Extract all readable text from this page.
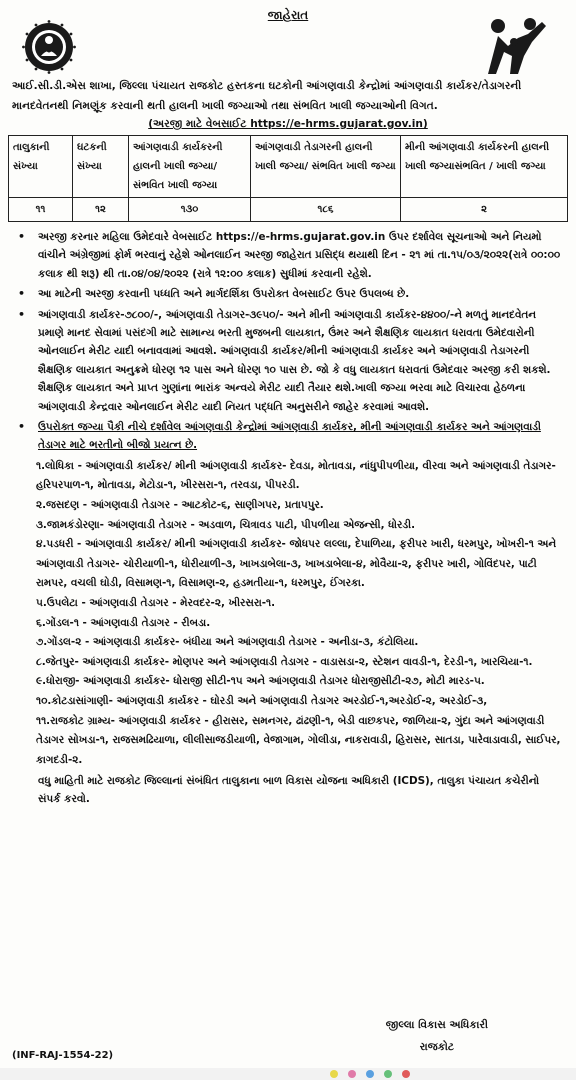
જાહેરાત
આઈ.સી.ડી.એસ શાખા, જિલ્લા પંચાયત રાજકોટ હસ્તકના ઘટકોની આંગણવાડી કેન્દ્રોમાં આંગણવાડી કાર્યકર/તેડાગરની માનદવેતનથી નિમણૂંક કરવાની થતી હાલની ખાલી જગ્યાઓ તથા સંભવિત ખાલી જગ્યાઓની વિગત.
(અરજી માટે વેબસાઈટ https://e-hrms.gujarat.gov.in)
તાલુકાની સંખ્યા	ઘટકની સંખ્યા	આંગણવાડી કાર્યકરની હાલની ખાલી જગ્યા/ સંભવિત ખાલી જગ્યા	આંગણવાડી તેડાગરની હાલની ખાલી જગ્યા/ સંભવિત ખાલી જગ્યા	મીની આંગણવાડી કાર્યકરની હાલની ખાલી જગ્યાસંભવિત / ખાલી જગ્યા
૧૧	૧૨	૧૩૦	૧૮૬	૨
• અરજી કરનાર મહિલા ઉમેદવારે વેબસાઈટ https://e-hrms.gujarat.gov.in ઉપર દર્શાવેલ સૂચનાઓ અને નિયમો વાંચીને અંગ્રેજીમાં ફોર્મ ભરવાનું રહેશે ઓનલાઈન અરજી જાહેરાત પ્રસિદ્ધ થયાથી દિન - ૨૧ માં તા.૧૫/૦૩/૨૦૨૨(રાત્રે ૦૦:૦૦ કલાક થી શરૂ) થી તા.૦૪/૦૪/૨૦૨૨ (રાત્રે ૧૨:૦૦ કલાક) સુધીમાં કરવાની રહેશે.
• આ માટેની અરજી કરવાની પધ્ધતિ અને માર્ગદર્શિકા ઉપરોક્ત વેબસાઈટ ઉપર ઉપલબ્ધ છે.
• આંગણવાડી કાર્યકર-૭૮૦૦/-, આંગણવાડી તેડાગર-૩૯૫૦/- અને મીની આંગણવાડી કાર્યકર-૪૪૦૦/-ને મળતું માનદવેતન પ્રમાણે માનદ સેવામાં પસંદગી માટે સામાન્ય ભરતી મુજબની લાયકાત, ઉંમર અને શૈક્ષણિક લાયકાત ધરાવતા ઉમેદવારોની ઓનલાઈન મેરીટ યાદી બનાવવામાં આવશે. આંગણવાડી કાર્યકર/મીની આંગણવાડી કાર્યકર અને આંગણવાડી તેડાગરની શૈક્ષણિક લાયકાત અનુક્રમે ધોરણ ૧૨ પાસ અને ધોરણ ૧૦ પાસ છે. જો કે વધુ લાયકાત ધરાવતાં ઉમેદવાર અરજી કરી શકશે. શૈક્ષણિક લાયકાત અને પ્રાપ્ત ગુણાંના ભારાંક અન્વયે મેરીટ યાદી તૈયાર થશે.ખાલી જગ્યા ભરવા માટે વિચારવા હેઠળના આંગણવાડી કેન્દ્રવાર ઓનલાઈન મેરીટ યાદી નિયત પદ્ધતિ અનુસરીને જાહેર કરવામાં આવશે.
• ઉપરોક્ત જગ્યા પૈકી નીચે દર્શાવેલ આંગણવાડી કેન્દ્રોમાં આંગણવાડી કાર્યકર, મીની આંગણવાડી કાર્યકર અને આંગણવાડી તેડાગર માટે ભરતીનો બીજો પ્રયત્ન છે.
૧.લોધિકા - આંગણવાડી કાર્યકર/ મીની આંગણવાડી કાર્યકર- દેવડા, મોતાવડા, નાંધુપીપળીયા, વીરવા અને આંગણવાડી તેડાગર-હરિપરપાળ-૧, મોતાવડા, મેટોડા-૧, ખીરસરા-૧, તરવડા, પીપરડી.
૨.જસદણ - આંગણવાડી તેડાગર - આટકોટ-૬, સાણીગપર, પ્રતાપપુર.
૩.જામકંડોરણા- આંગણવાડી તેડાગર - અડવાળ, ચિત્રાવડ પાટી, પીપળીયા એજન્સી, ધોરડી.
૪.પડધરી - આંગણવાડી કાર્યકર/ મીની આંગણવાડી કાર્યકર- જોધપર લલ્લા, દેપાળિયા, ફરીપર ખારી, ધરમપુર, ખોખરી-૧ અને આંગણવાડી તેડાગર- ચોરીયાળી-૧, ધોરીયાળી-૩, ખાખડાબેલા-૩, ખાખડાબેલા-૪, મોવૈયા-૨, ફરીપર ખારી, ગોવિંદપર, પાટી રામપર, વચલી ઘોડી, વિસામણ-૧, વિસામણ-૨, હડમતીયા-૧, ધરમપુર, ઈંગરકા.
૫.ઉપલેટા - આંગણવાડી તેડાગર - મેરવદર-૨, ખીરસરા-૧.
૬.ગોંડલ-૧ - આંગણવાડી તેડાગર - રીબડા.
૭.ગોંડલ-૨ - આંગણવાડી કાર્યકર- બંધીયા અને આંગણવાડી તેડાગર - અનીડા-૩, કંટોલિયા.
૮.જેતપુર- આંગણવાડી કાર્યકર- મોણપર અને આંગણવાડી તેડાગર - વાડાસડા-૨, સ્ટેશન વાવડી-૧, દેરડી-૧, ખારચિયા-૧.
૯.ધોરાજી- આંગણવાડી કાર્યકર- ધોરાજી સીટી-૧૫ અને આંગણવાડી તેડાગર ધોરાજીસીટી-૨૭, મોટી મારડ-૫.
૧૦.કોટડાસાંગાણી- આંગણવાડી કાર્યકર - ઘોરડી અને આંગણવાડી તેડાગર અરડોઈ-૧,અરડોઈ-૨, અરડોઈ-૩,
૧૧.રાજકોટ ગ્રામ્ય- આંગણવાડી કાર્યકર - હીરાસર, સમનગર, ઢાંઢણી-૧, બેડી વાછકપર, જાળિયા-૨, ગુંદા અને આંગણવાડી તેડાગર સોખડા-૧, રાજસમઢિયાળા, લીલીસાજડીયાળી, વેજાગામ, ગોલીડા, નાકરાવાડી, હિરાસર, સાતડા, પારેવાડાવાડી, સાઈપર, કાગદડી-૨.
વધુ માહિતી માટે રાજકોટ જિલ્લાનાં સંબંધિત તાલુકાના બાળ વિકાસ યોજના અધિકારી (ICDS), તાલુકા પંચાયત કચેરીનો સંપર્ક કરવો.
જીલ્લા વિકાસ અધિકારી
રાજકોટ
(INF-RAJ-1554-22)
